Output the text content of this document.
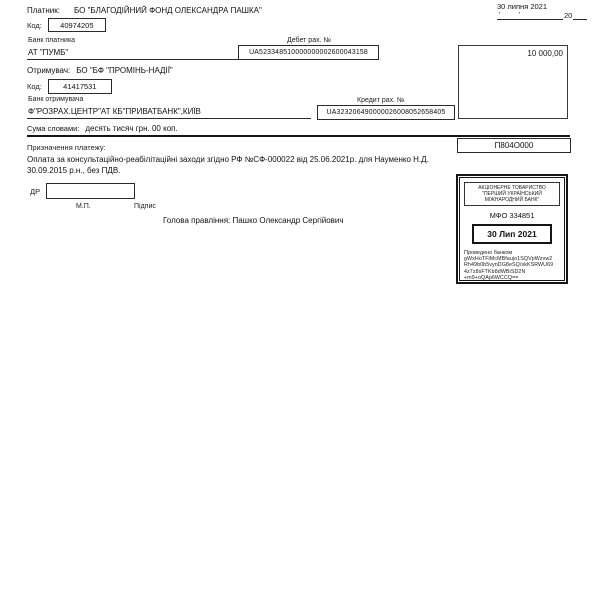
30 липня 2021
' '	20
Платник: БО "БЛАГОДІЙНИЙ ФОНД ОЛЕКСАНДРА ПАШКА"
Код: 40974205
Банк платника	Дебет рах. №
АТ "ПУМБ"	UA523348510000000002600043158	10 000,00
Отримувач: БО "БФ "ПРОМІНЬ-НАДІЇ"
Код:	41417531
Банк отримувача	Кредит рах. №
Ф"РОЗРАХ.ЦЕНТР"АТ КБ"ПРИВАТБАНК",КИЇВ	UA323206490000026008052658405
Сума словами: десять тисяч грн. 00 коп.
П804О000
Призначення платежу:
Оплата за консультаційно-реабілітаційні заходи згідно РФ №СФ-000022 від 25.06.2021р. для Науменко Н.Д.
30.09.2015 р.н., без ПДВ.
ДР
М.П.	Підпис
Голова правління: Пашко Олександр Сергійович
АКЦІОНЕРНЕ ТОВАРИСТВО
"ПЕРШИЙ УКРАЇНСЬКИЙ МІЖНАРОДНИЙ БАНК"
МФО 334851
30 Лип 2021
Проведено банком
gWxHoTFiMcMBfaujo1SQVpWzvw2
Rh49b0b5vynDG8eSQ/skKSRWU69
4z7z8sFTKb8dWBiSD2N
+m9+oQAp6WCCQ==
